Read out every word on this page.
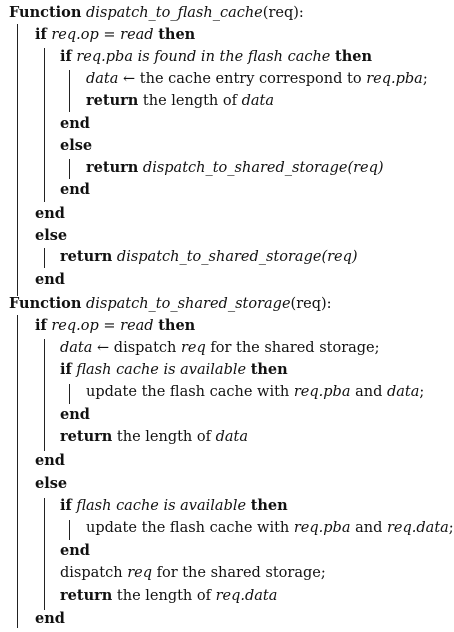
Function dispatch_to_flash_cache(req):
if req.op = read then
if req.pba is found in the flash cache then
data ← the cache entry correspond to req.pba;
return the length of data
end
else
return dispatch_to_shared_storage(req)
end
end
else
return dispatch_to_shared_storage(req)
end
Function dispatch_to_shared_storage(req):
if req.op = read then
data ← dispatch req for the shared storage;
if flash cache is available then
update the flash cache with req.pba and data;
end
return the length of data
end
else
if flash cache is available then
update the flash cache with req.pba and req.data;
end
dispatch req for the shared storage;
return the length of req.data
end
